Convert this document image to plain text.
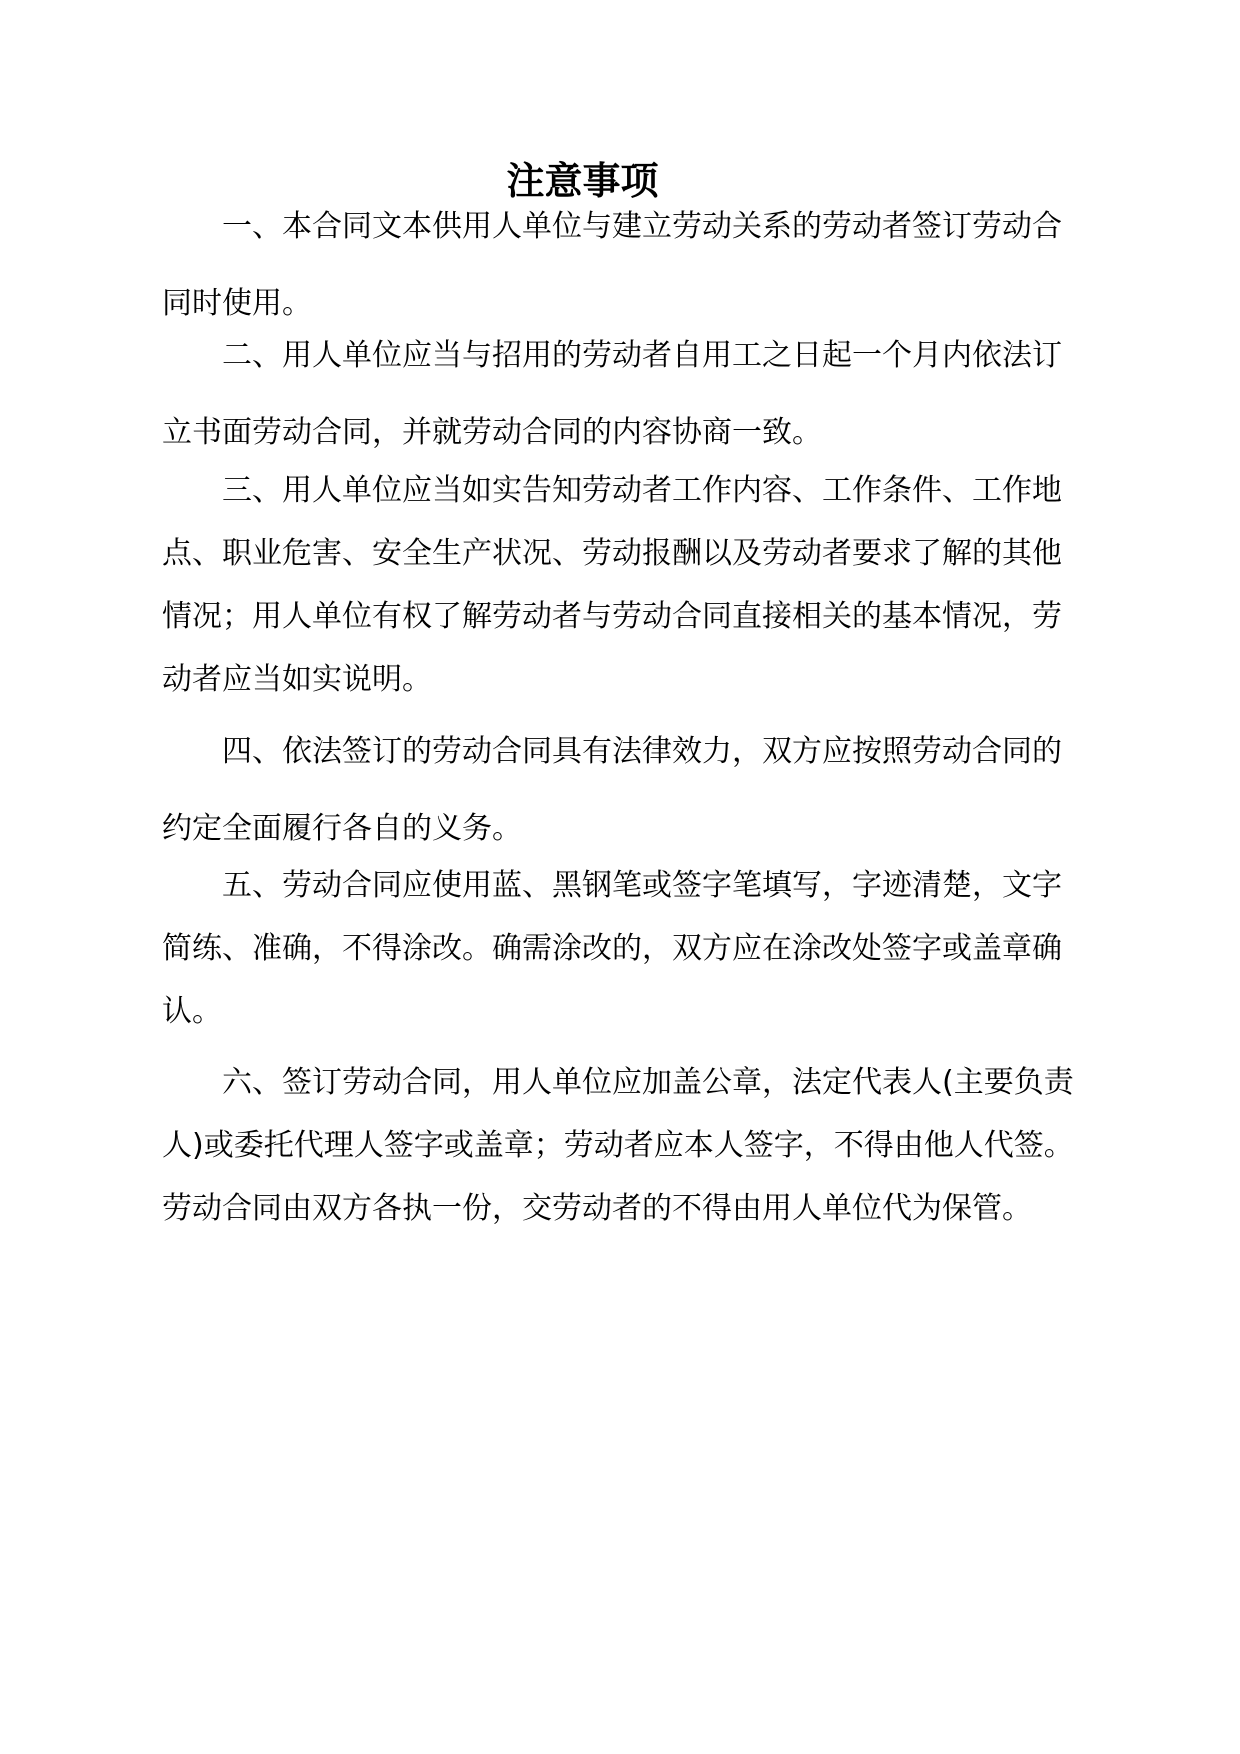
注意事项

一、本合同文本供用人单位与建立劳动关系的劳动者签订劳动合同时使用。

二、用人单位应当与招用的劳动者自用工之日起一个月内依法订立书面劳动合同，并就劳动合同的内容协商一致。

三、用人单位应当如实告知劳动者工作内容、工作条件、工作地点、职业危害、安全生产状况、劳动报酬以及劳动者要求了解的其他情况；用人单位有权了解劳动者与劳动合同直接相关的基本情况，劳动者应当如实说明。

四、依法签订的劳动合同具有法律效力，双方应按照劳动合同的约定全面履行各自的义务。

五、劳动合同应使用蓝、黑钢笔或签字笔填写，字迹清楚，文字简练、准确，不得涂改。确需涂改的，双方应在涂改处签字或盖章确认。

六、签订劳动合同，用人单位应加盖公章，法定代表人(主要负责人)或委托代理人签字或盖章；劳动者应本人签字，不得由他人代签。劳动合同由双方各执一份，交劳动者的不得由用人单位代为保管。
